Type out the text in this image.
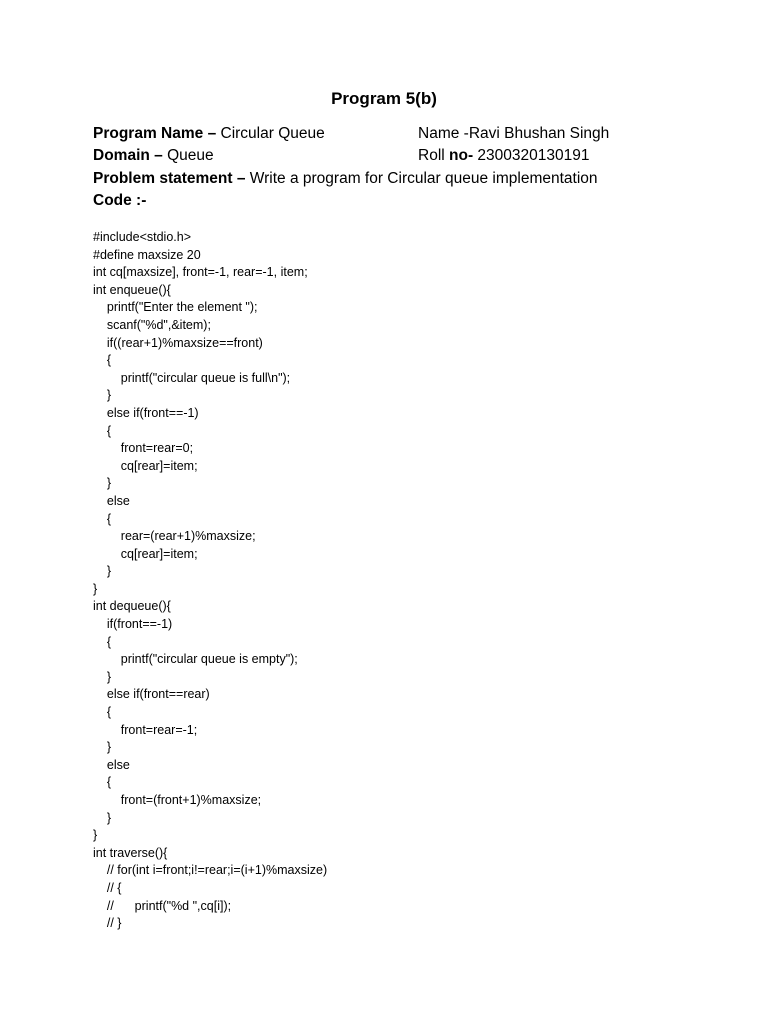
Program 5(b)
Program Name – Circular Queue	Name -Ravi Bhushan Singh
Domain – Queue	Roll no- 2300320130191
Problem statement – Write a program for Circular queue implementation
Code :-
#include<stdio.h>
#define maxsize 20
int cq[maxsize], front=-1, rear=-1, item;
int enqueue(){
printf("Enter the element ");
scanf("%d",&item);
if((rear+1)%maxsize==front)
{
printf("circular queue is full\n");
}
else if(front==-1)
{
front=rear=0;
cq[rear]=item;
}
else
{
rear=(rear+1)%maxsize;
cq[rear]=item;
}
}
int dequeue(){
if(front==-1)
{
printf("circular queue is empty");
}
else if(front==rear)
{
front=rear=-1;
}
else
{
front=(front+1)%maxsize;
}
}
int traverse(){
// for(int i=front;i!=rear;i=(i+1)%maxsize)
// {
//      printf("%d ",cq[i]);
// }
